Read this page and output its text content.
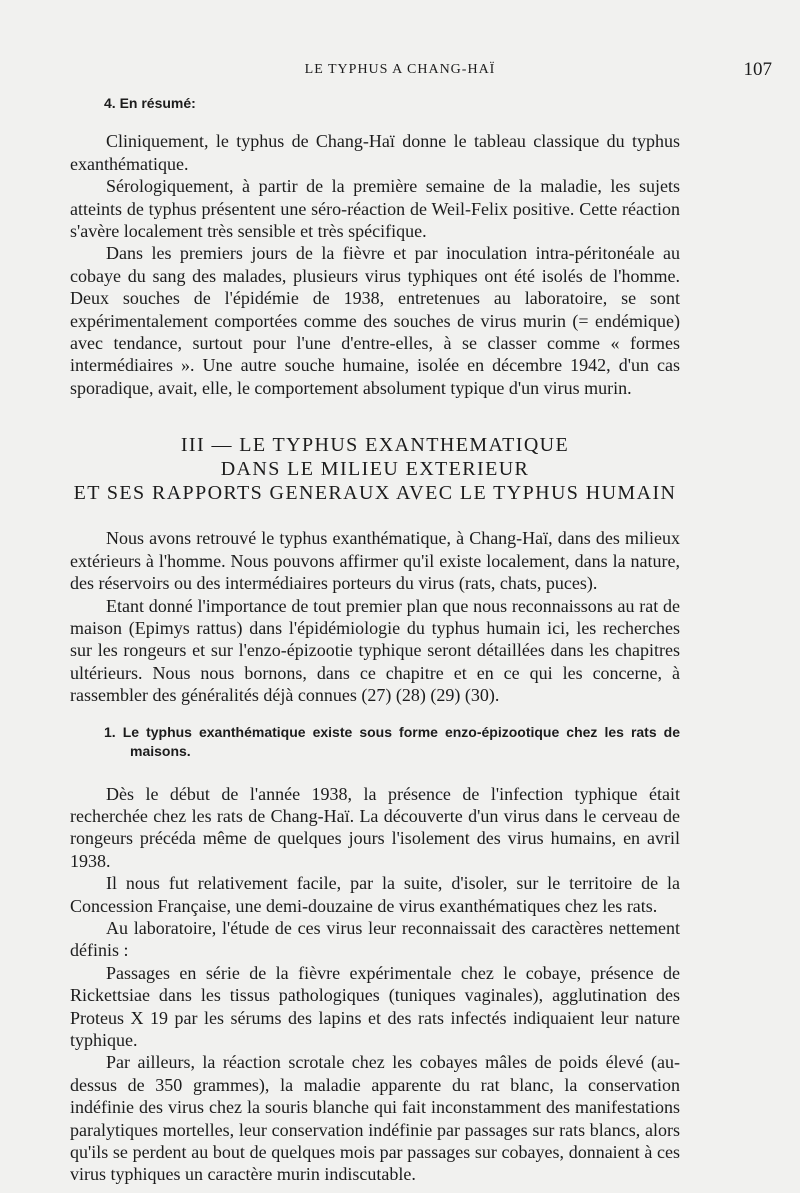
LE TYPHUS A CHANG-HAÏ	107

4. En résumé:

Cliniquement, le typhus de Chang-Haï donne le tableau classique du typhus exanthématique.

Sérologiquement, à partir de la première semaine de la maladie, les sujets atteints de typhus présentent une séro-réaction de Weil-Felix positive. Cette réaction s'avère localement très sensible et très spécifique.

Dans les premiers jours de la fièvre et par inoculation intra-péritonéale au cobaye du sang des malades, plusieurs virus typhiques ont été isolés de l'homme. Deux souches de l'épidémie de 1938, entretenues au laboratoire, se sont expérimentalement comportées comme des souches de virus murin (= endémique) avec tendance, surtout pour l'une d'entre-elles, à se classer comme « formes intermédiaires ». Une autre souche humaine, isolée en décembre 1942, d'un cas sporadique, avait, elle, le comportement absolument typique d'un virus murin.

III — LE TYPHUS EXANTHEMATIQUE
DANS LE MILIEU EXTERIEUR
ET SES RAPPORTS GENERAUX AVEC LE TYPHUS HUMAIN

Nous avons retrouvé le typhus exanthématique, à Chang-Haï, dans des milieux extérieurs à l'homme. Nous pouvons affirmer qu'il existe localement, dans la nature, des réservoirs ou des intermédiaires porteurs du virus (rats, chats, puces).

Etant donné l'importance de tout premier plan que nous reconnaissons au rat de maison (Epimys rattus) dans l'épidémiologie du typhus humain ici, les recherches sur les rongeurs et sur l'enzo-épizootie typhique seront détaillées dans les chapitres ultérieurs. Nous nous bornons, dans ce chapitre et en ce qui les concerne, à rassembler des généralités déjà connues (27) (28) (29) (30).

1. Le typhus exanthématique existe sous forme enzo-épizootique chez les rats de maisons.

Dès le début de l'année 1938, la présence de l'infection typhique était recherchée chez les rats de Chang-Haï. La découverte d'un virus dans le cerveau de rongeurs précéda même de quelques jours l'isolement des virus humains, en avril 1938.

Il nous fut relativement facile, par la suite, d'isoler, sur le territoire de la Concession Française, une demi-douzaine de virus exanthématiques chez les rats.

Au laboratoire, l'étude de ces virus leur reconnaissait des caractères nettement définis :

Passages en série de la fièvre expérimentale chez le cobaye, présence de Rickettsiae dans les tissus pathologiques (tuniques vaginales), agglutination des Proteus X 19 par les sérums des lapins et des rats infectés indiquaient leur nature typhique.

Par ailleurs, la réaction scrotale chez les cobayes mâles de poids élevé (au-dessus de 350 grammes), la maladie apparente du rat blanc, la conservation indéfinie des virus chez la souris blanche qui fait inconstamment des manifestations paralytiques mortelles, leur conservation indéfinie par passages sur rats blancs, alors qu'ils se perdent au bout de quelques mois par passages sur cobayes, donnaient à ces virus typhiques un caractère murin indiscutable.
